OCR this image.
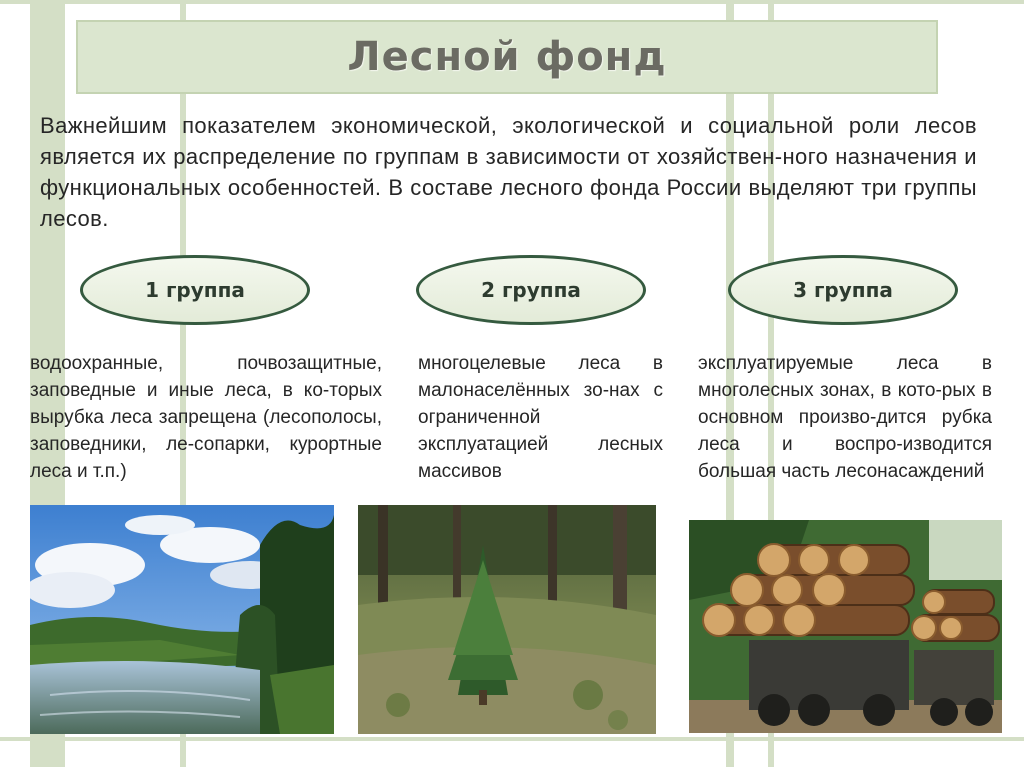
Лесной фонд
Важнейшим показателем экономической, экологической и социальной роли лесов является их распределение по группам в зависимости от хозяйствен-ного назначения и функциональных особенностей. В составе лесного фонда России выделяют три группы лесов.
1 группа	2 группа	3 группа
водоохранные, почвозащитные, заповедные и иные леса, в ко-торых вырубка леса запрещена (лесополосы, заповедники, ле-сопарки, курортные леса и т.п.)
многоцелевые леса в малонаселённых зо-нах с ограниченной эксплуатацией лесных массивов
эксплуатируемые леса в многолесных зонах, в кото-рых в основном произво-дится рубка леса и воспро-изводится большая часть лесонасаждений
